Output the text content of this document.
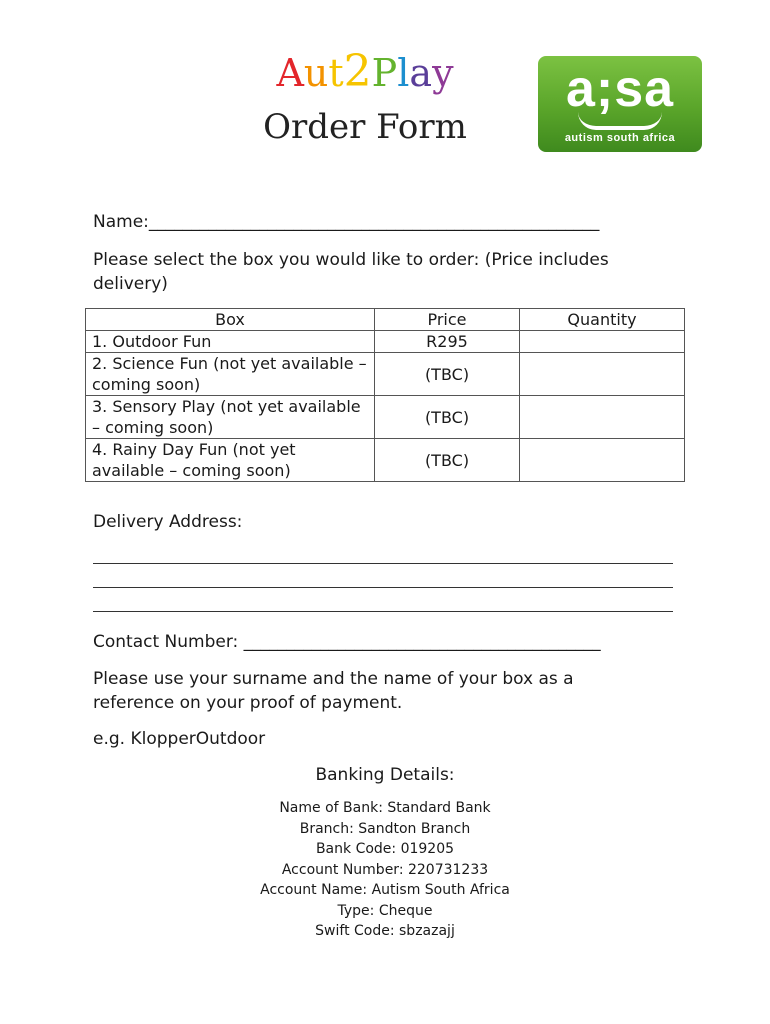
Aut2Play
Order Form
a;sa
autism south africa
Name:_____________________________________________________
Please select the box you would like to order: (Price includes delivery)
Box	Price	Quantity
1. Outdoor Fun	R295	
2. Science Fun (not yet available – coming soon)	(TBC)	
3. Sensory Play (not yet available – coming soon)	(TBC)	
4. Rainy Day Fun (not yet available – coming soon)	(TBC)	
Delivery Address:
Contact Number: __________________________________________
Please use your surname and the name of your box as a reference on your proof of payment.
e.g. KlopperOutdoor
Banking Details:
Name of Bank: Standard Bank
Branch: Sandton Branch
Bank Code: 019205
Account Number: 220731233
Account Name: Autism South Africa
Type: Cheque
Swift Code: sbzazajj
